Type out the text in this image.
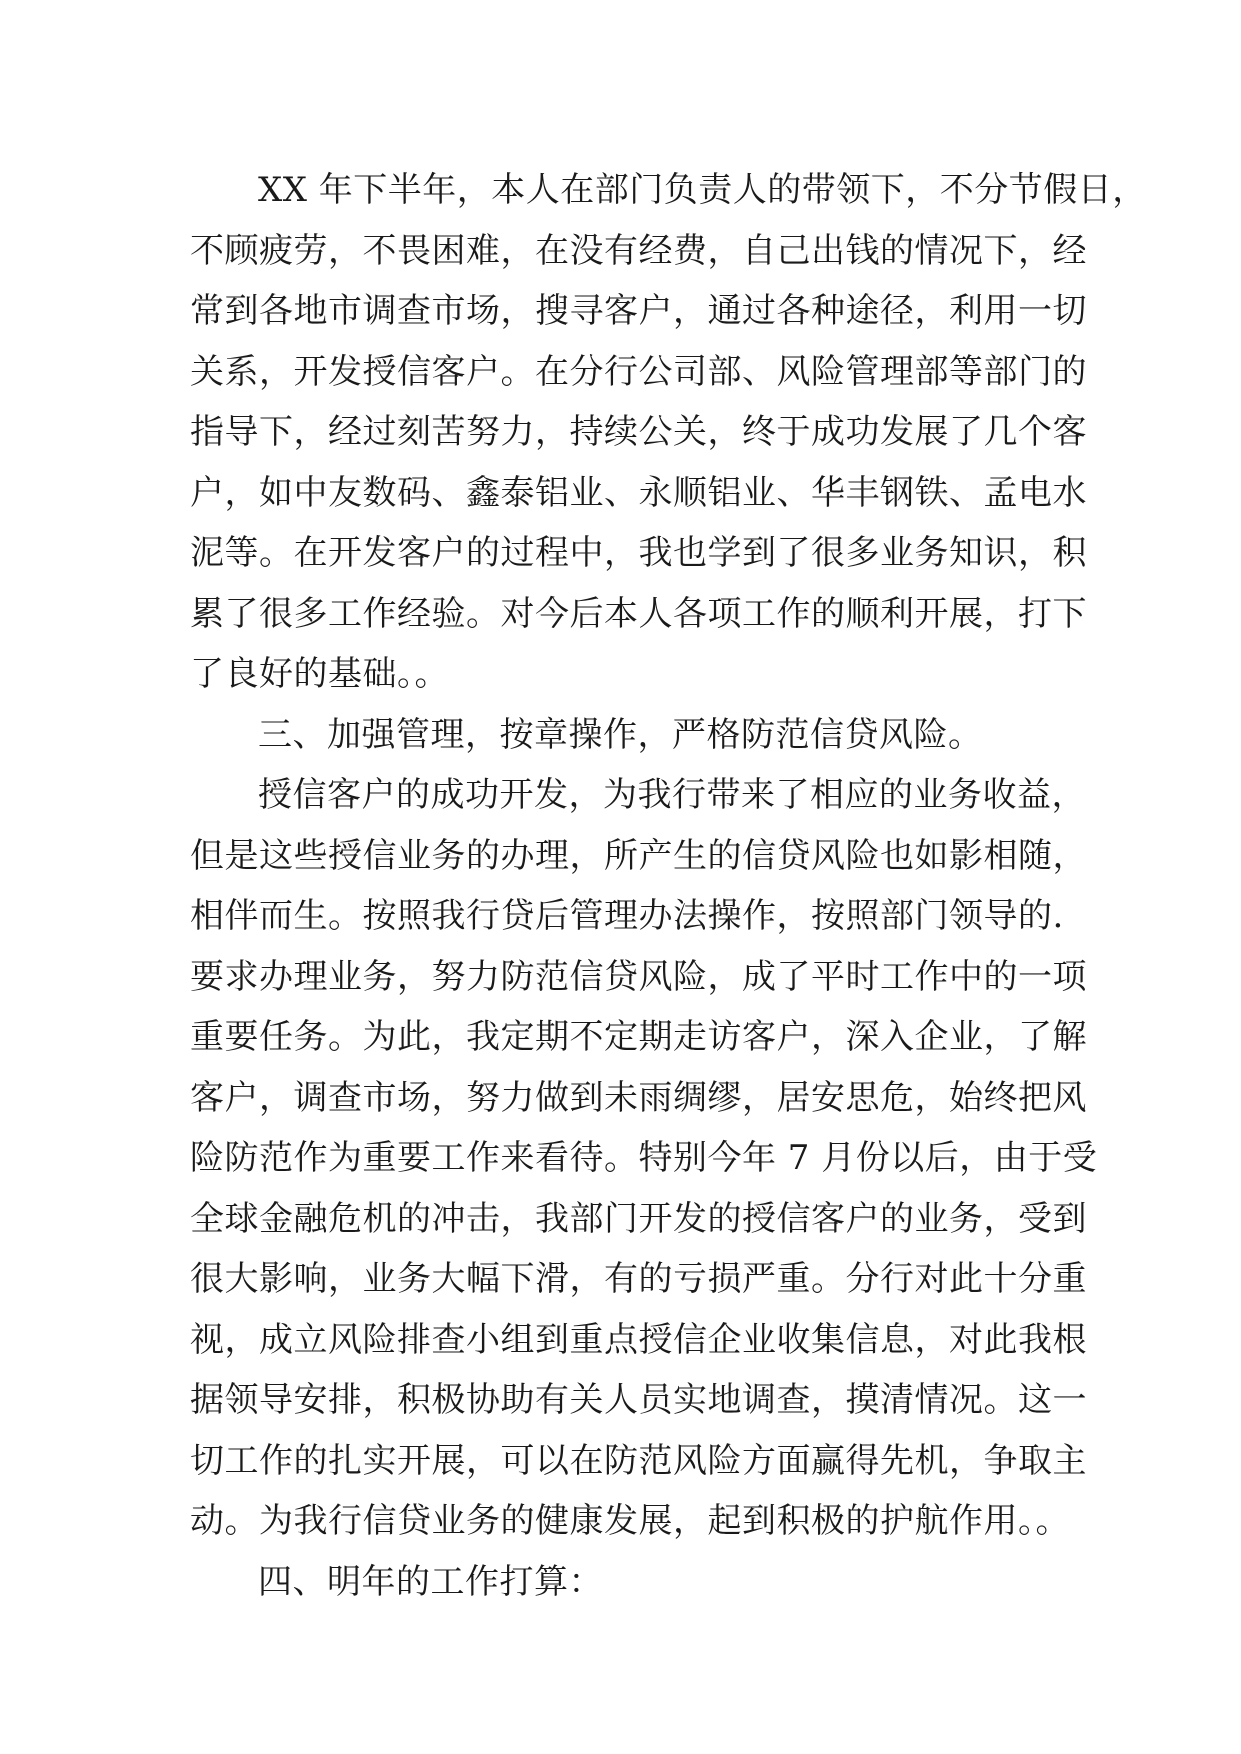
XX 年下半年，本人在部门负责人的带领下，不分节假日，
不顾疲劳，不畏困难，在没有经费，自己出钱的情况下，经
常到各地市调查市场，搜寻客户，通过各种途径，利用一切
关系，开发授信客户。在分行公司部、风险管理部等部门的
指导下，经过刻苦努力，持续公关，终于成功发展了几个客
户，如中友数码、鑫泰铝业、永顺铝业、华丰钢铁、孟电水
泥等。在开发客户的过程中，我也学到了很多业务知识，积
累了很多工作经验。对今后本人各项工作的顺利开展，打下
了良好的基础。。
三、加强管理，按章操作，严格防范信贷风险。
授信客户的成功开发，为我行带来了相应的业务收益，
但是这些授信业务的办理，所产生的信贷风险也如影相随，
相伴而生。按照我行贷后管理办法操作，按照部门领导的.
要求办理业务，努力防范信贷风险，成了平时工作中的一项
重要任务。为此，我定期不定期走访客户，深入企业，了解
客户，调查市场，努力做到未雨绸缪，居安思危，始终把风
险防范作为重要工作来看待。特别今年 7 月份以后，由于受
全球金融危机的冲击，我部门开发的授信客户的业务，受到
很大影响，业务大幅下滑，有的亏损严重。分行对此十分重
视，成立风险排查小组到重点授信企业收集信息，对此我根
据领导安排，积极协助有关人员实地调查，摸清情况。这一
切工作的扎实开展，可以在防范风险方面赢得先机，争取主
动。为我行信贷业务的健康发展，起到积极的护航作用。。
四、明年的工作打算：
